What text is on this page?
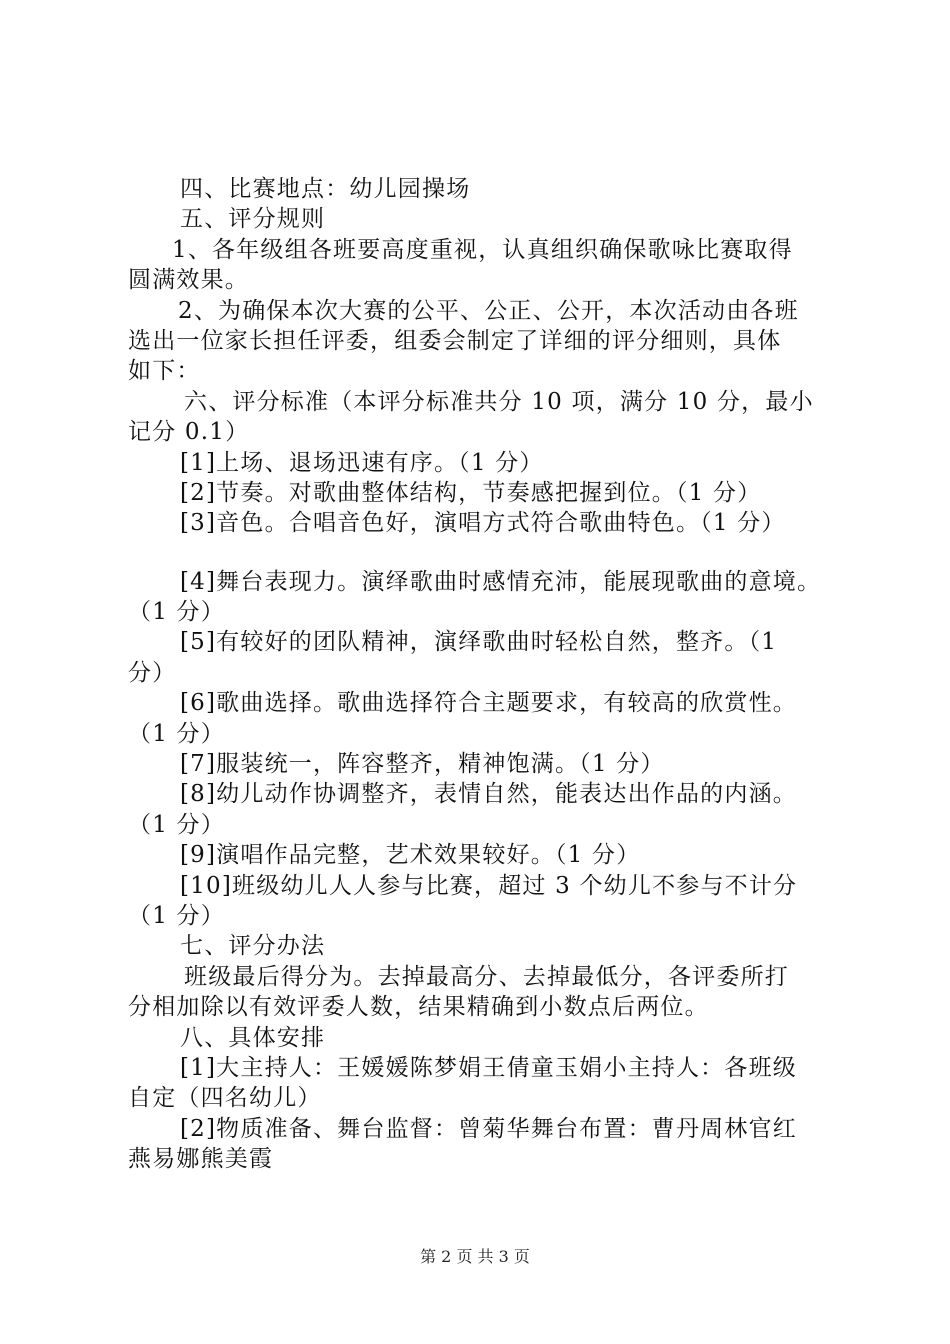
四、比赛地点：幼儿园操场

五、评分规则

1、各年级组各班要高度重视，认真组织确保歌咏比赛取得

圆满效果。

2、为确保本次大赛的公平、公正、公开，本次活动由各班

选出一位家长担任评委，组委会制定了详细的评分细则，具体

如下：

六、评分标准（本评分标准共分 10 项，满分 10 分，最小

记分 0.1）

[1]上场、退场迅速有序。（1 分）

[2]节奏。对歌曲整体结构，节奏感把握到位。（1 分）

[3]音色。合唱音色好，演唱方式符合歌曲特色。（1 分）

[4]舞台表现力。演绎歌曲时感情充沛，能展现歌曲的意境。

（1 分）

[5]有较好的团队精神，演绎歌曲时轻松自然，整齐。（1

分）

[6]歌曲选择。歌曲选择符合主题要求，有较高的欣赏性。

（1 分）

[7]服装统一，阵容整齐，精神饱满。（1 分）

[8]幼儿动作协调整齐，表情自然，能表达出作品的内涵。

（1 分）

[9]演唱作品完整，艺术效果较好。（1 分）

[10]班级幼儿人人参与比赛，超过 3 个幼儿不参与不计分

（1 分）

七、评分办法

班级最后得分为。去掉最高分、去掉最低分，各评委所打

分相加除以有效评委人数，结果精确到小数点后两位。

八、具体安排

[1]大主持人：王媛媛陈梦娟王倩童玉娟小主持人：各班级

自定（四名幼儿）

[2]物质准备、舞台监督：曾菊华舞台布置：曹丹周林官红

燕易娜熊美霞

第 2 页 共 3 页
